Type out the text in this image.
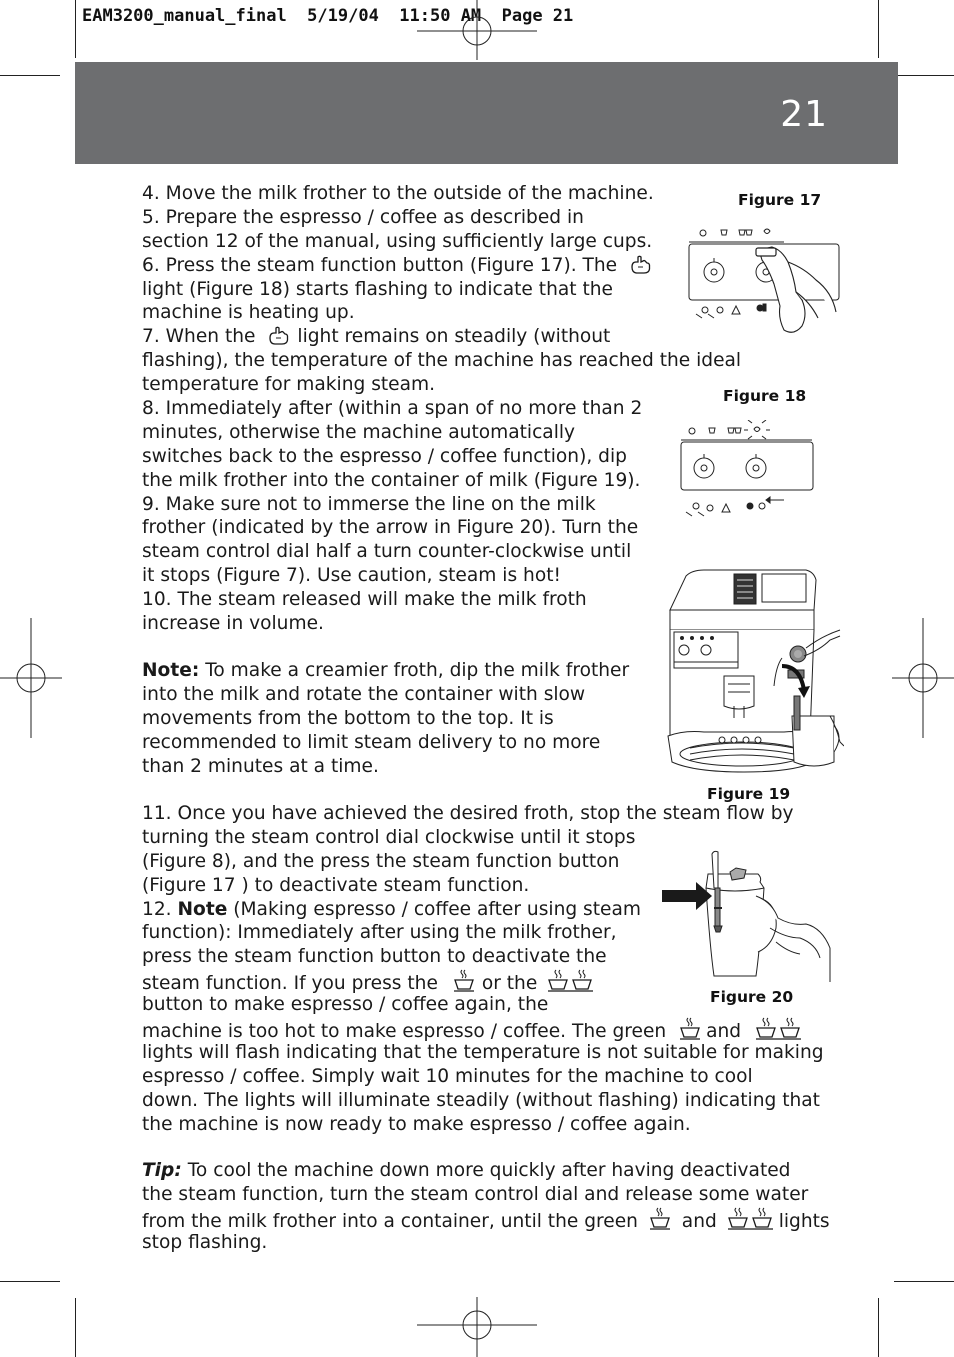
EAM3200_manual_final  5/19/04  11:50 AM  Page 21
21
4. Move the milk frother to the outside of the machine.
5. Prepare the espresso / coffee as described in
section 12 of the manual, using sufficiently large cups.
6. Press the steam function button (Figure 17). The
light (Figure 18) starts flashing to indicate that the
machine is heating up.
7. When the light remains on steadily (without
flashing), the temperature of the machine has reached the ideal
temperature for making steam.
8. Immediately after (within a span of no more than 2
minutes, otherwise the machine automatically
switches back to the espresso / coffee function), dip
the milk frother into the container of milk (Figure 19).
9. Make sure not to immerse the line on the milk
frother (indicated by the arrow in Figure 20). Turn the
steam control dial half a turn counter-clockwise until
it stops (Figure 7). Use caution, steam is hot!
10. The steam released will make the milk froth
increase in volume.
Note: To make a creamier froth, dip the milk frother
into the milk and rotate the container with slow
movements from the bottom to the top. It is
recommended to limit steam delivery to no more
than 2 minutes at a time.
11. Once you have achieved the desired froth, stop the steam flow by
turning the steam control dial clockwise until it stops
(Figure 8), and the press the steam function button
(Figure 17 ) to deactivate steam function.
12. Note (Making espresso / coffee after using steam
function): Immediately after using the milk frother,
press the steam function button to deactivate the
steam function. If you press the or the
button to make espresso / coffee again, the
machine is too hot to make espresso / coffee. The green and
lights will flash indicating that the temperature is not suitable for making
espresso / coffee. Simply wait 10 minutes for the machine to cool
down. The lights will illuminate steadily (without flashing) indicating that
the machine is now ready to make espresso / coffee again.
Tip: To cool the machine down more quickly after having deactivated
the steam function, turn the steam control dial and release some water
from the milk frother into a container, until the green and	lights
stop flashing.
Figure 17
Figure 18
Figure 19
Figure 20
